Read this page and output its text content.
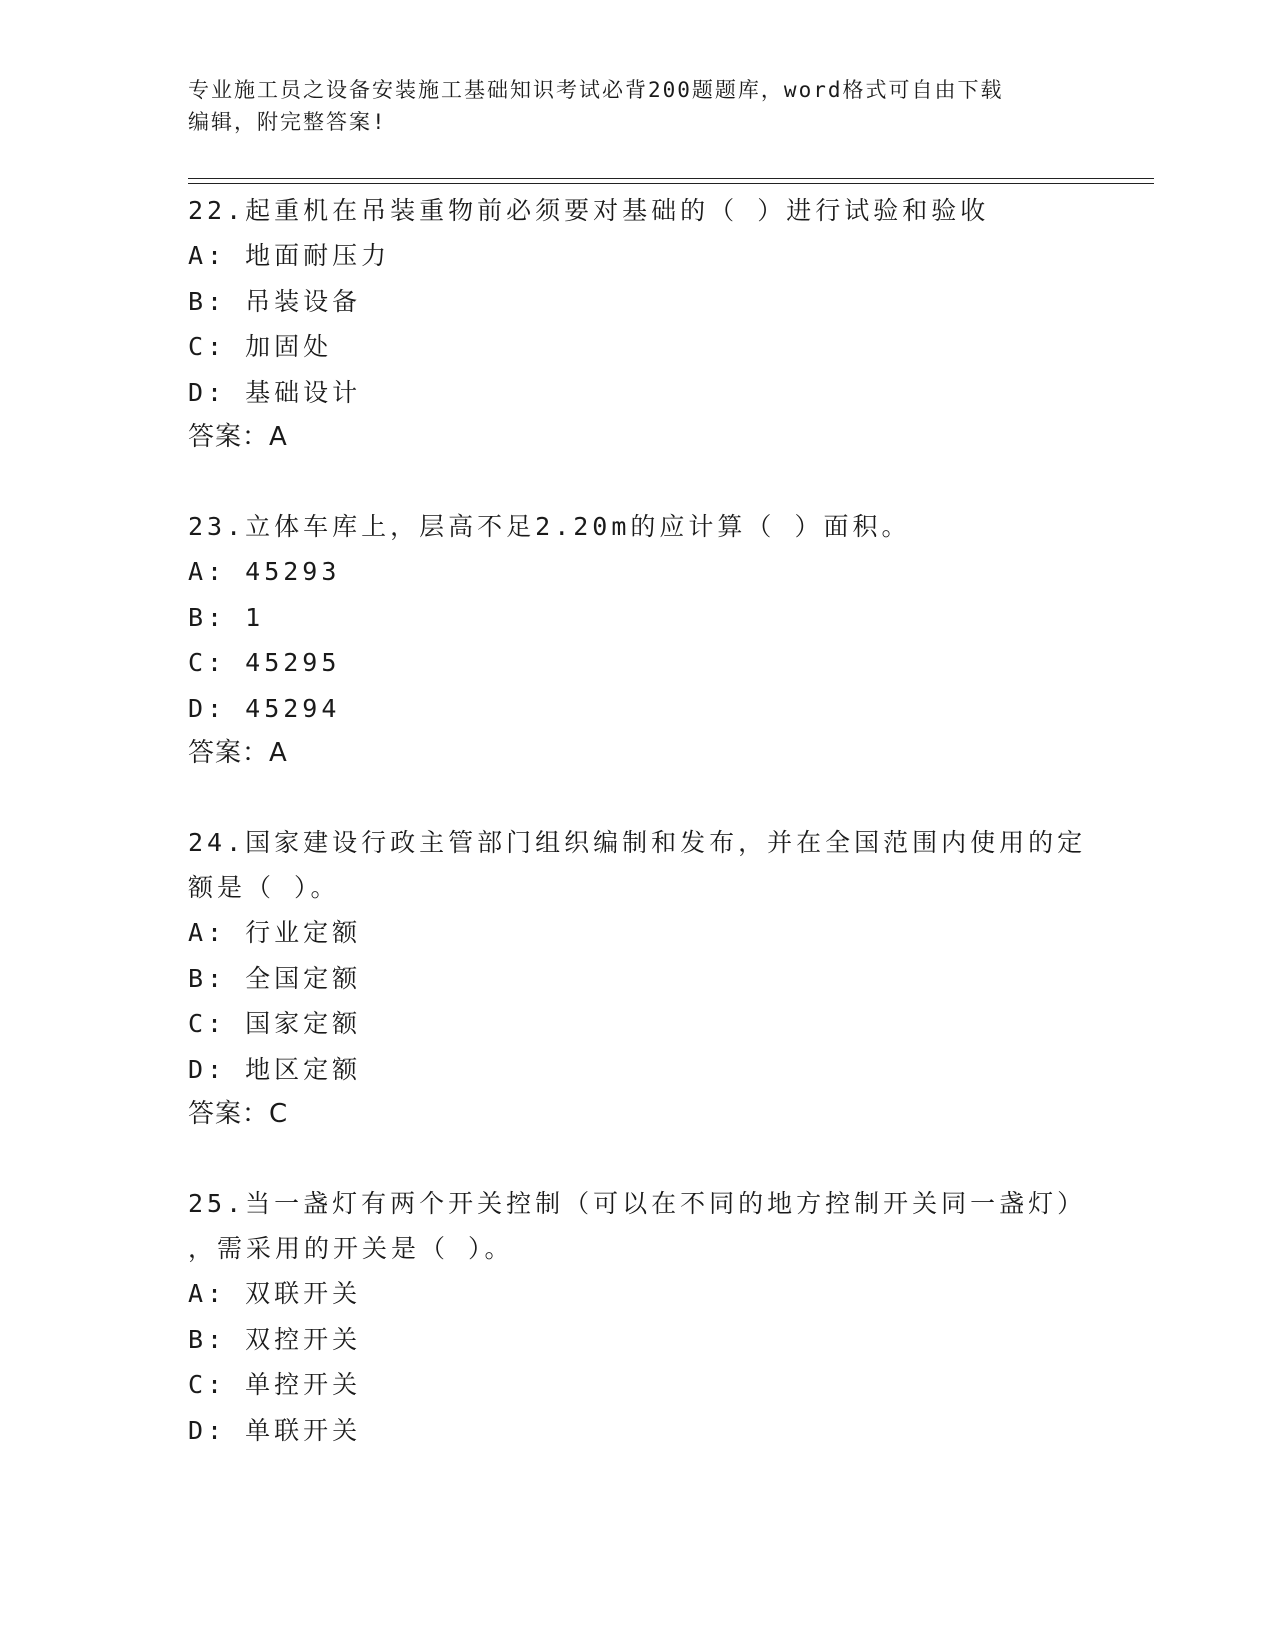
专业施工员之设备安装施工基础知识考试必背200题题库，word格式可自由下载
编辑，附完整答案!
22.起重机在吊装重物前必须要对基础的（ ）进行试验和验收
A: 地面耐压力
B: 吊装设备
C: 加固处
D: 基础设计
答案：A
23.立体车库上，层高不足2.20m的应计算（ ）面积。
A: 45293
B: 1
C: 45295
D: 45294
答案：A
24.国家建设行政主管部门组织编制和发布，并在全国范围内使用的定
额是（ ）。
A: 行业定额
B: 全国定额
C: 国家定额
D: 地区定额
答案：C
25.当一盏灯有两个开关控制（可以在不同的地方控制开关同一盏灯）
，需采用的开关是（ ）。
A: 双联开关
B: 双控开关
C: 单控开关
D: 单联开关
